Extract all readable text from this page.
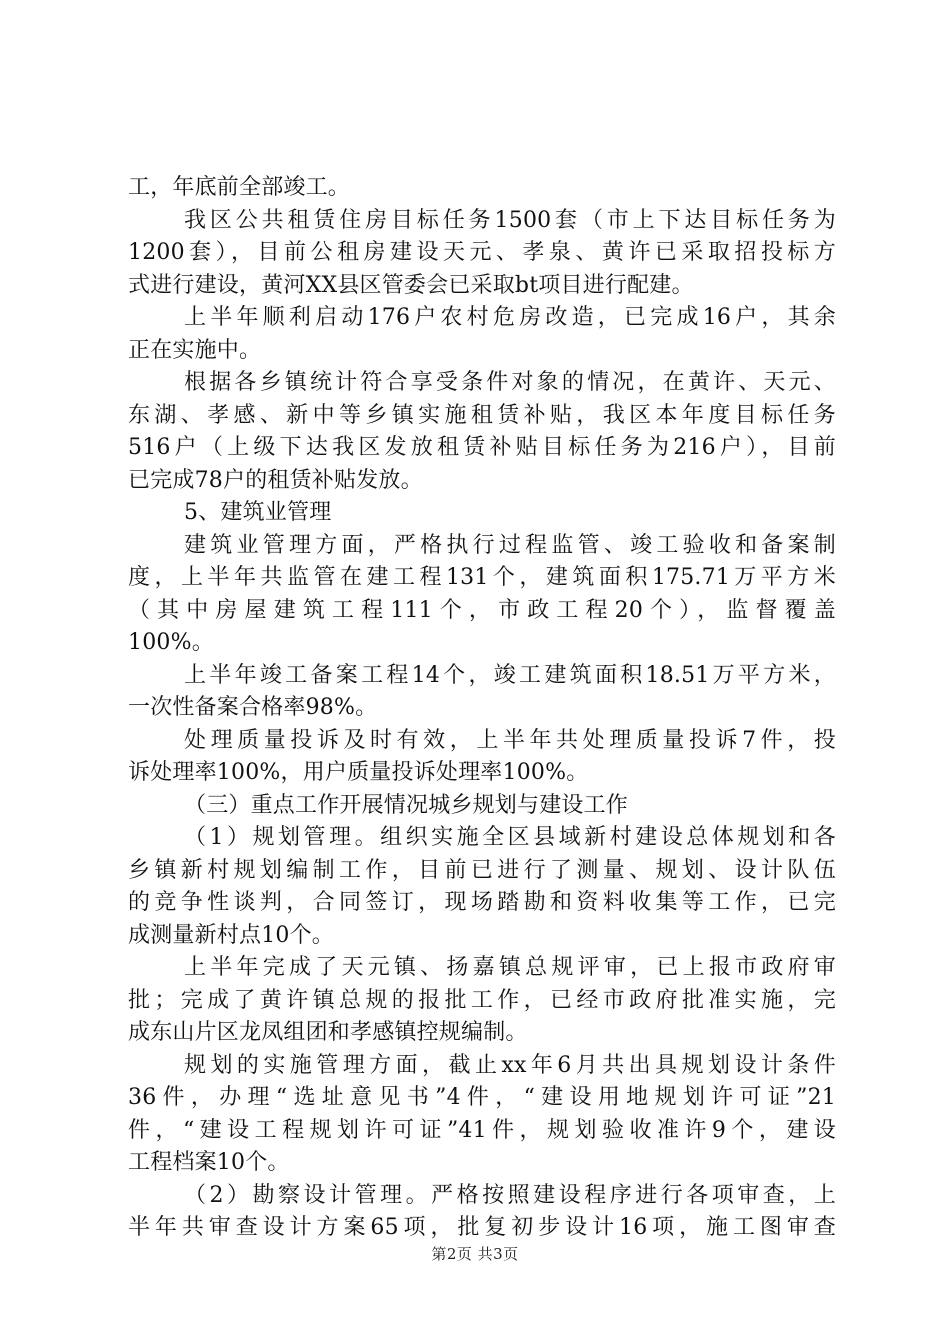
工，年底前全部竣工。
我区公共租赁住房目标任务1500套（市上下达目标任务为
1200套），目前公租房建设天元、孝泉、黄许已采取招投标方
式进行建设，黄河XX县区管委会已采取bt项目进行配建。
上半年顺利启动176户农村危房改造，已完成16户，其余
正在实施中。
根据各乡镇统计符合享受条件对象的情况，在黄许、天元、
东湖、孝感、新中等乡镇实施租赁补贴，我区本年度目标任务
516户（上级下达我区发放租赁补贴目标任务为216户），目前
已完成78户的租赁补贴发放。
5、建筑业管理
建筑业管理方面，严格执行过程监管、竣工验收和备案制
度，上半年共监管在建工程131个，建筑面积175.71万平方米
（其中房屋建筑工程111个，市政工程20个），监督覆盖
100%。
上半年竣工备案工程14个，竣工建筑面积18.51万平方米，
一次性备案合格率98%。
处理质量投诉及时有效，上半年共处理质量投诉7件，投
诉处理率100%，用户质量投诉处理率100%。
（三）重点工作开展情况城乡规划与建设工作
（1）规划管理。组织实施全区县域新村建设总体规划和各
乡镇新村规划编制工作，目前已进行了测量、规划、设计队伍
的竞争性谈判，合同签订，现场踏勘和资料收集等工作，已完
成测量新村点10个。
上半年完成了天元镇、扬嘉镇总规评审，已上报市政府审
批；完成了黄许镇总规的报批工作，已经市政府批准实施，完
成东山片区龙凤组团和孝感镇控规编制。
规划的实施管理方面，截止xx年6月共出具规划设计条件
36件，办理“选址意见书”4件，“建设用地规划许可证”21
件，“建设工程规划许可证”41件，规划验收准许9个，建设
工程档案10个。
（2）勘察设计管理。严格按照建设程序进行各项审查，上
半年共审查设计方案65项，批复初步设计16项，施工图审查
第2页 共3页
